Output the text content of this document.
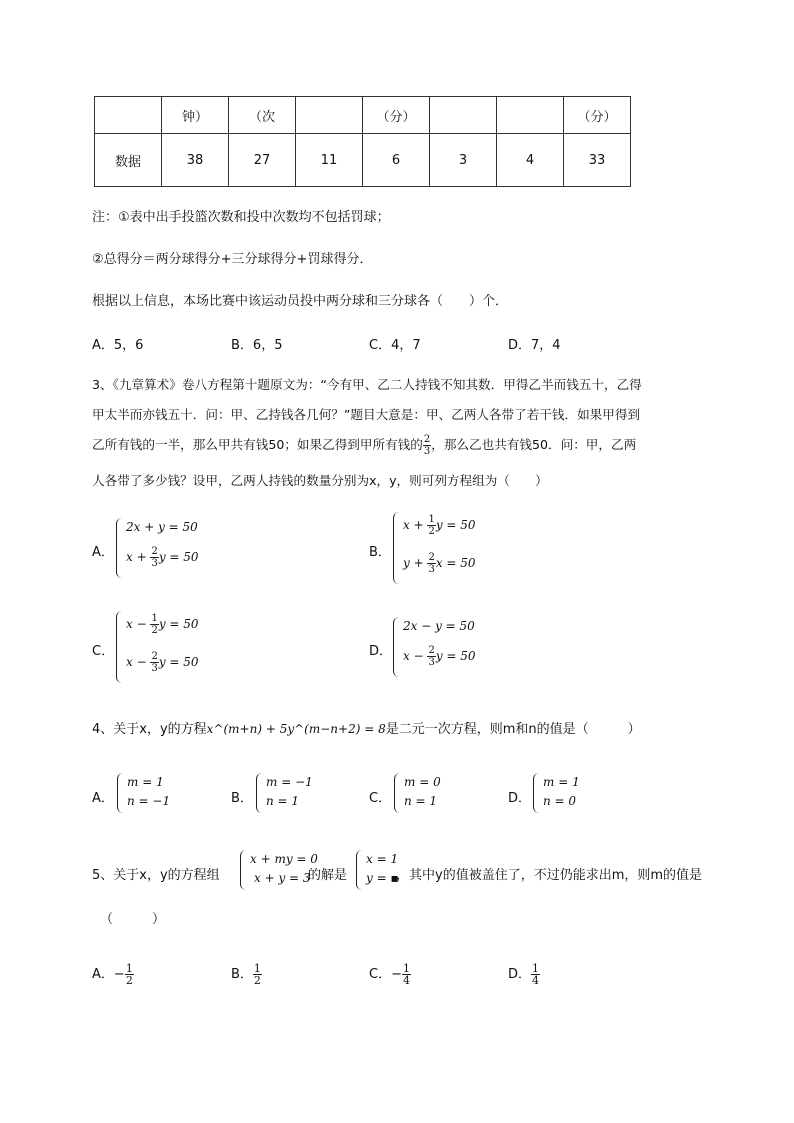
	钟）	（次		（分）			（分）
数据	38	27	11	6	3	4	33
注：①表中出手投篮次数和投中次数均不包括罚球；
②总得分＝两分球得分+三分球得分+罚球得分．
根据以上信息，本场比赛中该运动员投中两分球和三分球各（　　）个．
A．5，6	B．6，5	C．4，7	D．7，4
3、《九章算术》卷八方程第十题原文为：“今有甲、乙二人持钱不知其数．甲得乙半而钱五十，乙得
甲太半而亦钱五十．问：甲、乙持钱各几何？”题目大意是：甲、乙两人各带了若干钱．如果甲得到
乙所有钱的一半，那么甲共有钱50；如果乙得到甲所有钱的 $\frac{2}{3}$ ，那么乙也共有钱50．问：甲，乙两
人各带了多少钱？设甲，乙两人持钱的数量分别为x，y，则可列方程组为（　　）
A．
2x + y = 50
$x + \frac{2}{3}$ y = 50	B．
$x + \frac{1}{2}$ y = 50
$y + \frac{2}{3}$ x = 50
C．
$x - \frac{1}{2}$ y = 50
$x - \frac{2}{3}$ y = 50
D．
2x − y = 50
$x - \frac{2}{3}$ y = 50
4、关于x，y的方程x^(m+n) + 5y^(m−n+2) = 8是二元一次方程，则m和n的值是（　　　）
A．
m = 1
n = −1	B．
m = −1
n = 1	C．
m = 0
n = 1	D．
m = 1
n = 0
5、关于x，y的方程组
x + my = 0
x + y = 3
的解是
x = 1
y = ▪
，其中y的值被盖住了，不过仍能求出m，则m的值是
（　　　）
A．− $\frac{1}{2}$	B． $\frac{1}{2}$	C．− $\frac{1}{4}$	D． $\frac{1}{4}$
